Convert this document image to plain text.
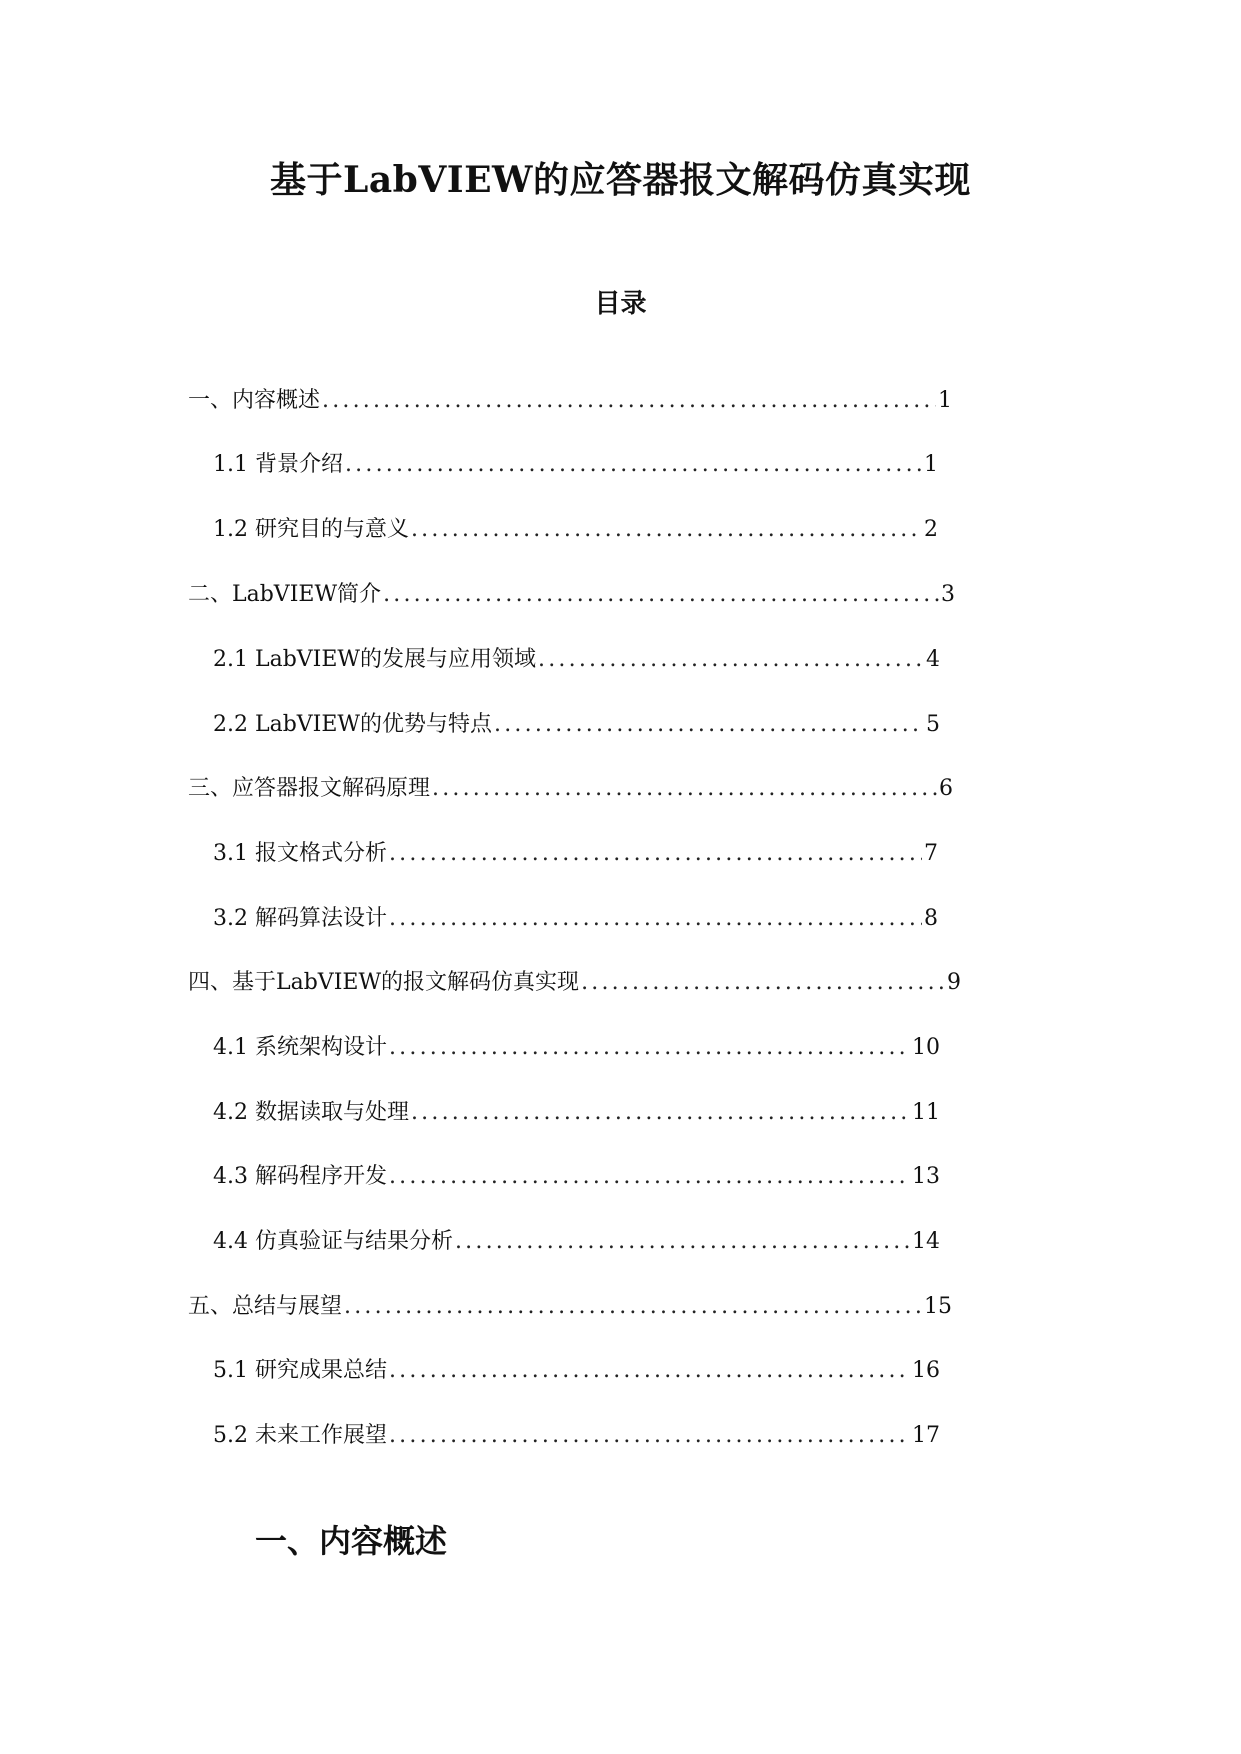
基于LabVIEW的应答器报文解码仿真实现
目录
一、内容概述 .....	1
1.1 背景介绍 .....	1
1.2 研究目的与意义 .....	2
二、LabVIEW简介 .....	3
2.1 LabVIEW的发展与应用领域 .....	4
2.2 LabVIEW的优势与特点 .....	5
三、应答器报文解码原理 .....	6
3.1 报文格式分析 .....	7
3.2 解码算法设计 .....	8
四、基于LabVIEW的报文解码仿真实现 .....	9
4.1 系统架构设计 .....	10
4.2 数据读取与处理 .....	11
4.3 解码程序开发 .....	13
4.4 仿真验证与结果分析 .....	14
五、总结与展望 .....	15
5.1 研究成果总结 .....	16
5.2 未来工作展望 .....	17
一、内容概述
